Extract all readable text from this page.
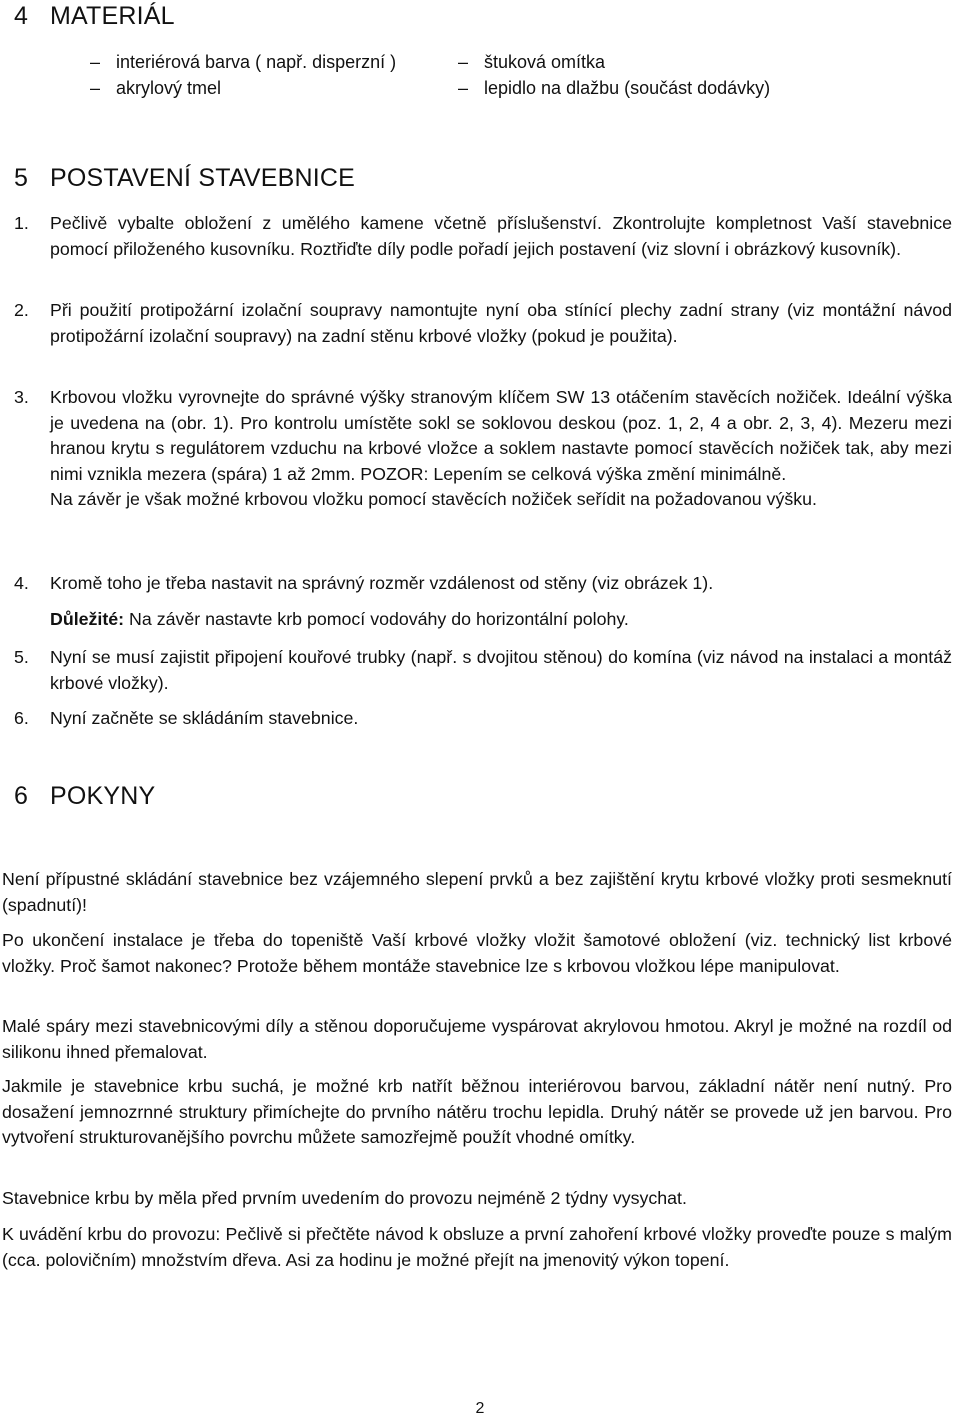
4 MATERIÁL
– interiérová barva ( např. disperzní )
– akrylový tmel
– štuková omítka
– lepidlo na dlažbu (součást dodávky)
5 POSTAVENÍ STAVEBNICE
1. Pečlivě vybalte obložení z umělého kamene včetně příslušenství. Zkontrolujte kompletnost Vaší stavebnice pomocí přiloženého kusovníku. Roztřiďte díly podle pořadí jejich postavení (viz slovní i obrázkový kusovník).
2. Při použití protipožární izolační soupravy namontujte nyní oba stínící plechy zadní strany (viz montážní návod protipožární izolační soupravy) na zadní stěnu krbové vložky (pokud je použita).
3. Krbovou vložku vyrovnejte do správné výšky stranovým klíčem SW 13 otáčením stavěcích nožiček. Ideální výška je uvedena na (obr. 1). Pro kontrolu umístěte sokl se soklovou deskou (poz. 1, 2, 4 a obr. 2, 3, 4). Mezeru mezi hranou krytu s regulátorem vzduchu na krbové vložce a soklem nastavte pomocí stavěcích nožiček tak, aby mezi nimi vznikla mezera (spára) 1 až 2mm. POZOR: Lepením se celková výška změní minimálně.
Na závěr je však možné krbovou vložku pomocí stavěcích nožiček seřídit na požadovanou výšku.
4. Kromě toho je třeba nastavit na správný rozměr vzdálenost od stěny (viz obrázek 1).
Důležité: Na závěr nastavte krb pomocí vodováhy do horizontální polohy.
5. Nyní se musí zajistit připojení kouřové trubky (např. s dvojitou stěnou) do komína (viz návod na instalaci a montáž krbové vložky).
6. Nyní začněte se skládáním stavebnice.
6 POKYNY
Není přípustné skládání stavebnice bez vzájemného slepení prvků a bez zajištění krytu krbové vložky proti sesmeknutí (spadnutí)!
Po ukončení instalace je třeba do topeniště Vaší krbové vložky vložit šamotové obložení (viz. technický list krbové vložky. Proč šamot nakonec? Protože během montáže stavebnice lze s krbovou vložkou lépe manipulovat.
Malé spáry mezi stavebnicovými díly a stěnou doporučujeme vyspárovat akrylovou hmotou. Akryl je možné na rozdíl od silikonu ihned přemalovat.
Jakmile je stavebnice krbu suchá, je možné krb natřít běžnou interiérovou barvou, základní nátěr není nutný. Pro dosažení jemnozrnné struktury přimíchejte do prvního nátěru trochu lepidla. Druhý nátěr se provede už jen barvou. Pro vytvoření strukturovanějšího povrchu můžete samozřejmě použít vhodné omítky.
Stavebnice krbu by měla před prvním uvedením do provozu nejméně 2 týdny vysychat.
K uvádění krbu do provozu: Pečlivě si přečtěte návod k obsluze a první zahoření krbové vložky proveďte pouze s malým (cca. polovičním) množstvím dřeva. Asi za hodinu je možné přejít na jmenovitý výkon topení.
2
